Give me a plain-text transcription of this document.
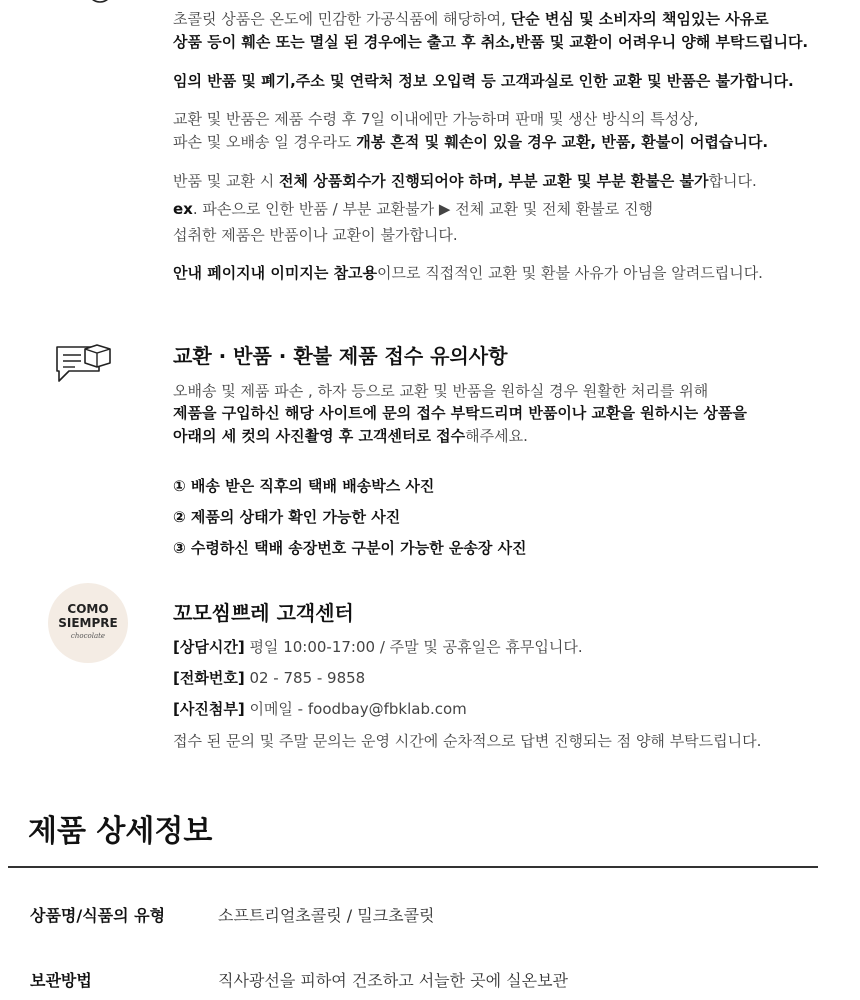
초콜릿 상품은 온도에 민감한 가공식품에 해당하여, 단순 변심 및 소비자의 책임있는 사유로

상품 등이 훼손 또는 멸실 된 경우에는 출고 후 취소,반품 및 교환이 어려우니 양해 부탁드립니다.

임의 반품 및 폐기,주소 및 연락처 정보 오입력 등 고객과실로 인한 교환 및 반품은 불가합니다.

교환 및 반품은 제품 수령 후 7일 이내에만 가능하며 판매 및 생산 방식의 특성상,

파손 및 오배송 일 경우라도 개봉 흔적 및 훼손이 있을 경우 교환, 반품, 환불이 어렵습니다.

반품 및 교환 시 전체 상품회수가 진행되어야 하며, 부분 교환 및 부분 환불은 불가합니다.

ex. 파손으로 인한 반품 / 부분 교환불가 ▶ 전체 교환 및 전체 환불로 진행

섭취한 제품은 반품이나 교환이 불가합니다.

안내 페이지내 이미지는 참고용이므로 직접적인 교환 및 환불 사유가 아님을 알려드립니다.

교환 · 반품 · 환불 제품 접수 유의사항

오배송 및 제품 파손 , 하자 등으로 교환 및 반품을 원하실 경우 원활한 처리를 위해

제품을 구입하신 해당 사이트에 문의 접수 부탁드리며 반품이나 교환을 원하시는 상품을

아래의 세 컷의 사진촬영 후 고객센터로 접수해주세요.

① 배송 받은 직후의 택배 배송박스 사진

② 제품의 상태가 확인 가능한 사진

③ 수령하신 택배 송장번호 구분이 가능한 운송장 사진

COMO
SIEMPRE
chocolate

꼬모씸쁘레 고객센터

[상담시간] 평일 10:00-17:00 / 주말 및 공휴일은 휴무입니다.

[전화번호] 02 - 785 - 9858

[사진첨부] 이메일 - foodbay@fbklab.com

접수 된 문의 및 주말 문의는 운영 시간에 순차적으로 답변 진행되는 점 양해 부탁드립니다.

제품 상세정보

상품명/식품의 유형	소프트리얼초콜릿 / 밀크초콜릿

보관방법	직사광선을 피하여 건조하고 서늘한 곳에 실온보관
